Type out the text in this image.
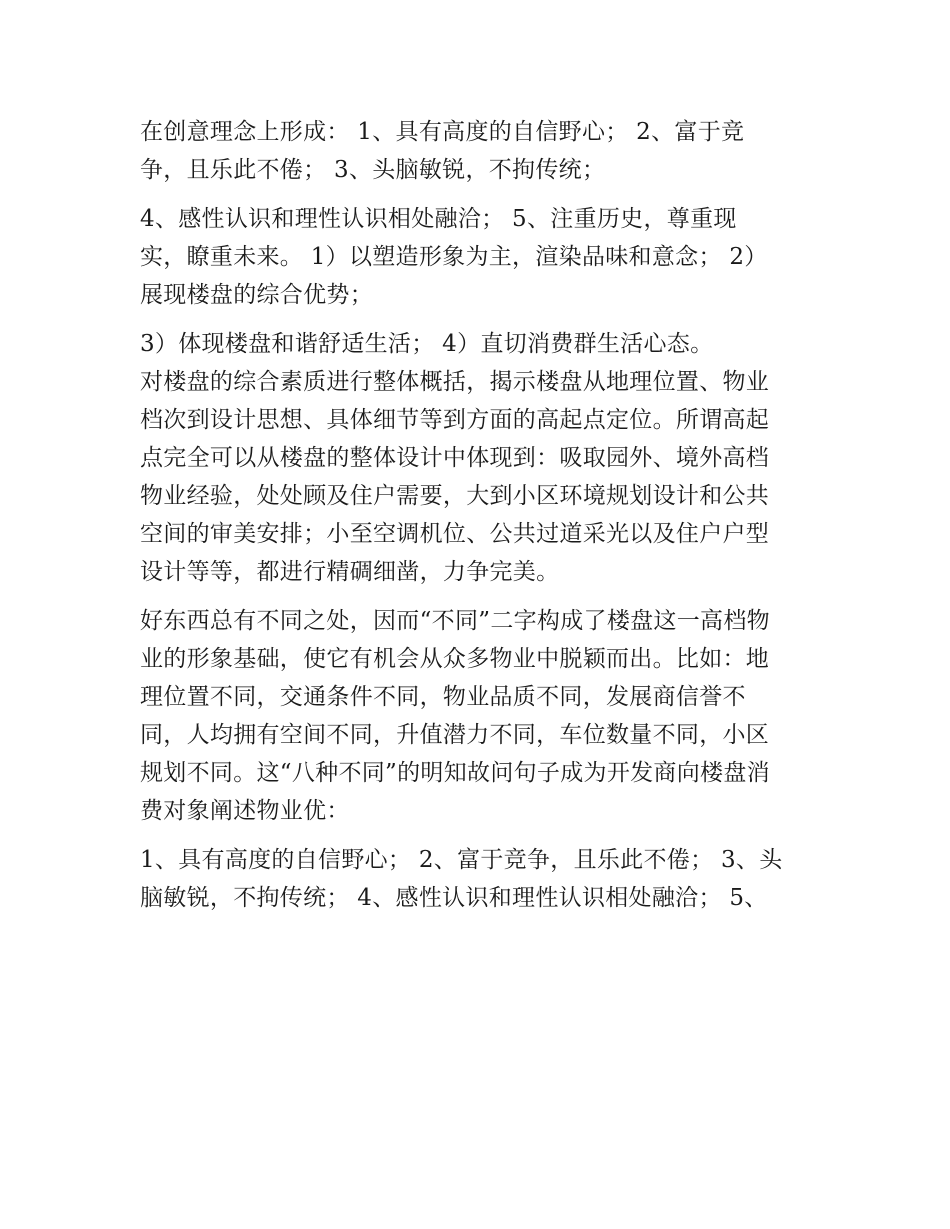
在创意理念上形成： 1、具有高度的自信野心； 2、富于竞

争，且乐此不倦； 3、头脑敏锐，不拘传统；

4、感性认识和理性认识相处融洽； 5、注重历史，尊重现

实，瞭重未来。 1）以塑造形象为主，渲染品味和意念； 2）

展现楼盘的综合优势；

3）体现楼盘和谐舒适生活； 4）直切消费群生活心态。

对楼盘的综合素质进行整体概括，揭示楼盘从地理位置、物业

档次到设计思想、具体细节等到方面的高起点定位。所谓高起

点完全可以从楼盘的整体设计中体现到：吸取园外、境外高档

物业经验，处处顾及住户需要，大到小区环境规划设计和公共

空间的审美安排；小至空调机位、公共过道采光以及住户户型

设计等等，都进行精碉细凿，力争完美。

好东西总有不同之处，因而“不同”二字构成了楼盘这一高档物

业的形象基础，使它有机会从众多物业中脱颖而出。比如：地

理位置不同，交通条件不同，物业品质不同，发展商信誉不

同，人均拥有空间不同，升值潜力不同，车位数量不同，小区

规划不同。这“八种不同”的明知故问句子成为开发商向楼盘消

费对象阐述物业优：

1、具有高度的自信野心； 2、富于竞争，且乐此不倦； 3、头

脑敏锐，不拘传统； 4、感性认识和理性认识相处融洽； 5、
